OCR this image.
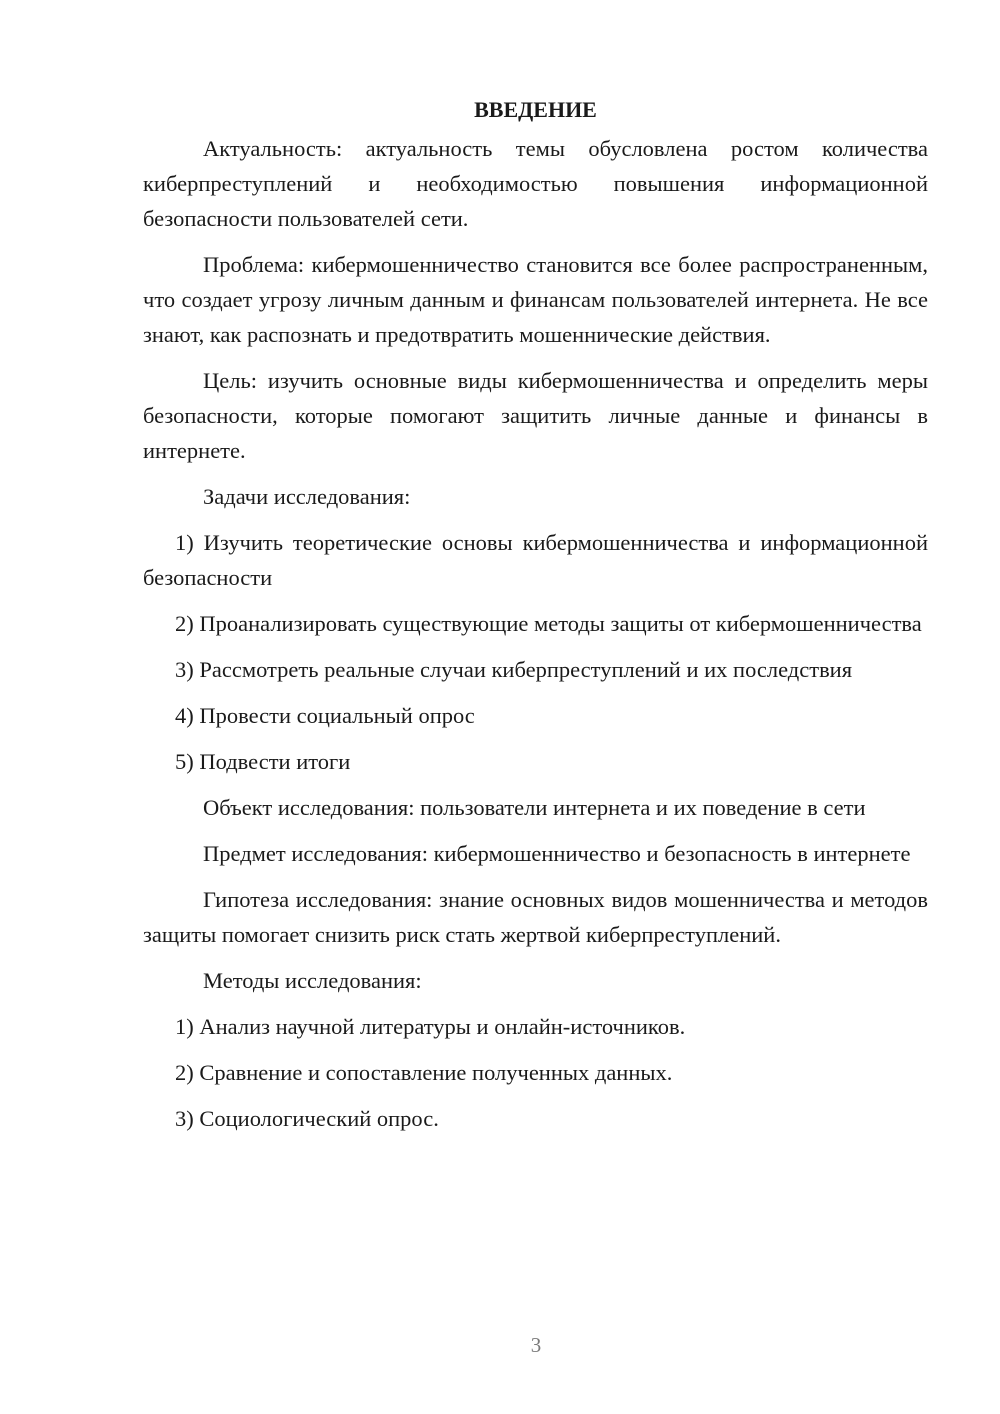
ВВЕДЕНИЕ

Актуальность: актуальность темы обусловлена ростом количества киберпреступлений и необходимостью повышения информационной безопасности пользователей сети.

Проблема: кибермошенничество становится все более распространенным, что создает угрозу личным данным и финансам пользователей интернета. Не все знают, как распознать и предотвратить мошеннические действия.

Цель: изучить основные виды кибермошенничества и определить меры безопасности, которые помогают защитить личные данные и финансы в интернете.

Задачи исследования:

1) Изучить теоретические основы кибермошенничества и информационной безопасности

2) Проанализировать существующие методы защиты от кибермошенничества

3) Рассмотреть реальные случаи киберпреступлений и их последствия

4) Провести социальный опрос

5) Подвести итоги

Объект исследования: пользователи интернета и их поведение в сети

Предмет исследования: кибермошенничество и безопасность в интернете

Гипотеза исследования: знание основных видов мошенничества и методов защиты помогает снизить риск стать жертвой киберпреступлений.

Методы исследования:

1) Анализ научной литературы и онлайн-источников.

2) Сравнение и сопоставление полученных данных.

3) Социологический опрос.

3
